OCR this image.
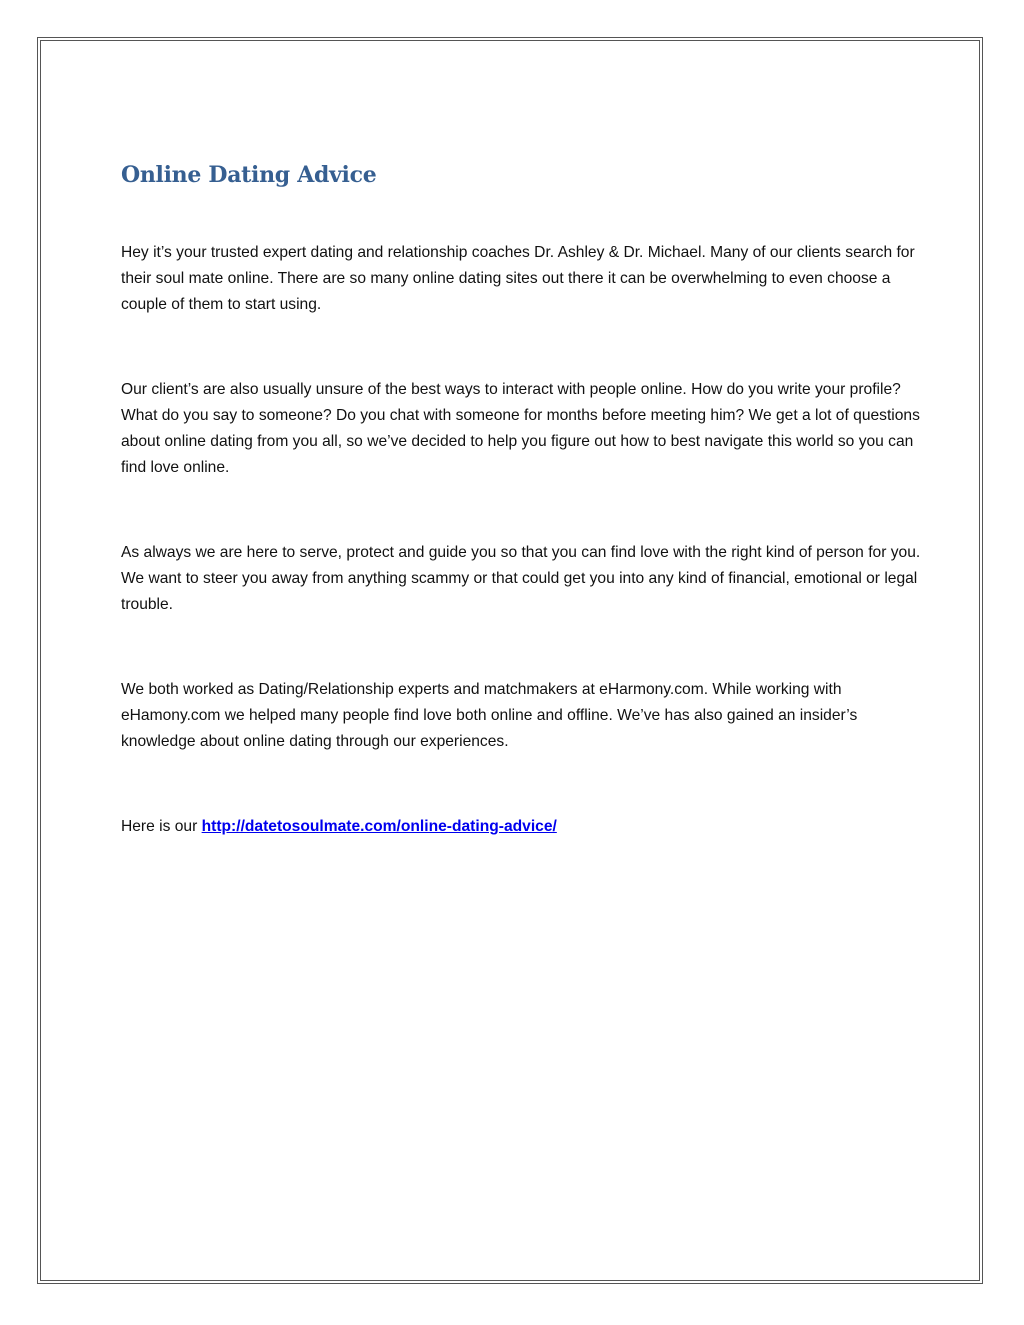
Online Dating Advice

Hey it’s your trusted expert dating and relationship coaches Dr. Ashley & Dr. Michael. Many of our clients search for their soul mate online. There are so many online dating sites out there it can be overwhelming to even choose a couple of them to start using.

Our client’s are also usually unsure of the best ways to interact with people online. How do you write your profile? What do you say to someone? Do you chat with someone for months before meeting him? We get a lot of questions about online dating from you all, so we’ve decided to help you figure out how to best navigate this world so you can find love online.

As always we are here to serve, protect and guide you so that you can find love with the right kind of person for you. We want to steer you away from anything scammy or that could get you into any kind of financial, emotional or legal trouble.

We both worked as Dating/Relationship experts and matchmakers at eHarmony.com. While working with eHamony.com we helped many people find love both online and offline. We’ve has also gained an insider’s knowledge about online dating through our experiences.

Here is our http://datetosoulmate.com/online-dating-advice/
